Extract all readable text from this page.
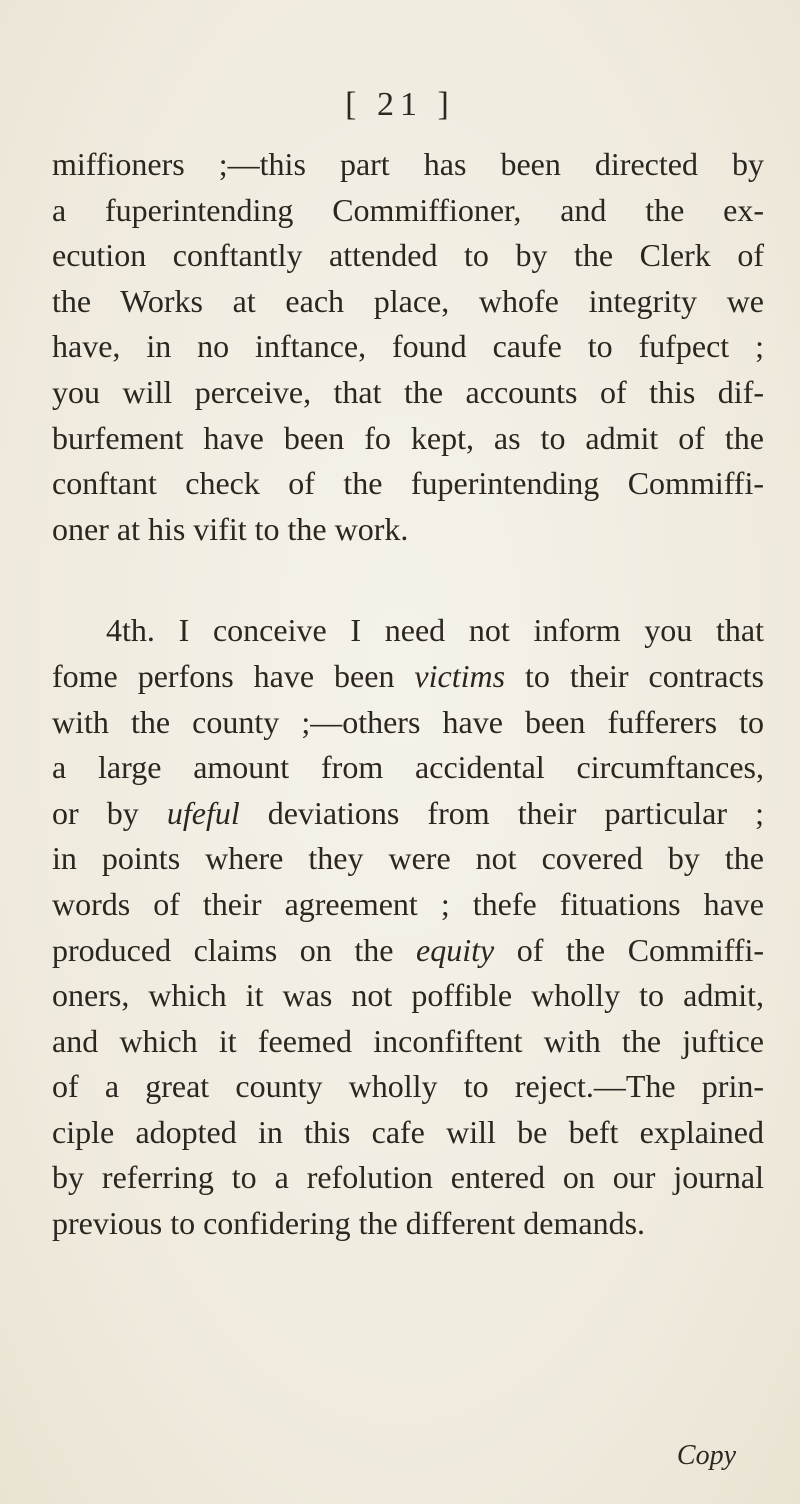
[ 21 ]
miffioners ;—this part has been directed by
a fuperintending Commiffioner, and the ex-
ecution conftantly attended to by the Clerk of
the Works at each place, whofe integrity we
have, in no inftance, found caufe to fufpect ;
you will perceive, that the accounts of this dif-
burfement have been fo kept, as to admit of the
conftant check of the fuperintending Commiffi-
oner at his vifit to the work.
4th. I conceive I need not inform you that
fome perfons have been victims to their contracts
with the county ;—others have been fufferers to
a large amount from accidental circumftances,
or by ufeful deviations from their particular ;
in points where they were not covered by the
words of their agreement ; thefe fituations have
produced claims on the equity of the Commiffi-
oners, which it was not poffible wholly to admit,
and which it feemed inconfiftent with the juftice
of a great county wholly to reject.—The prin-
ciple adopted in this cafe will be beft explained
by referring to a refolution entered on our journal
previous to confidering the different demands.
Copy
